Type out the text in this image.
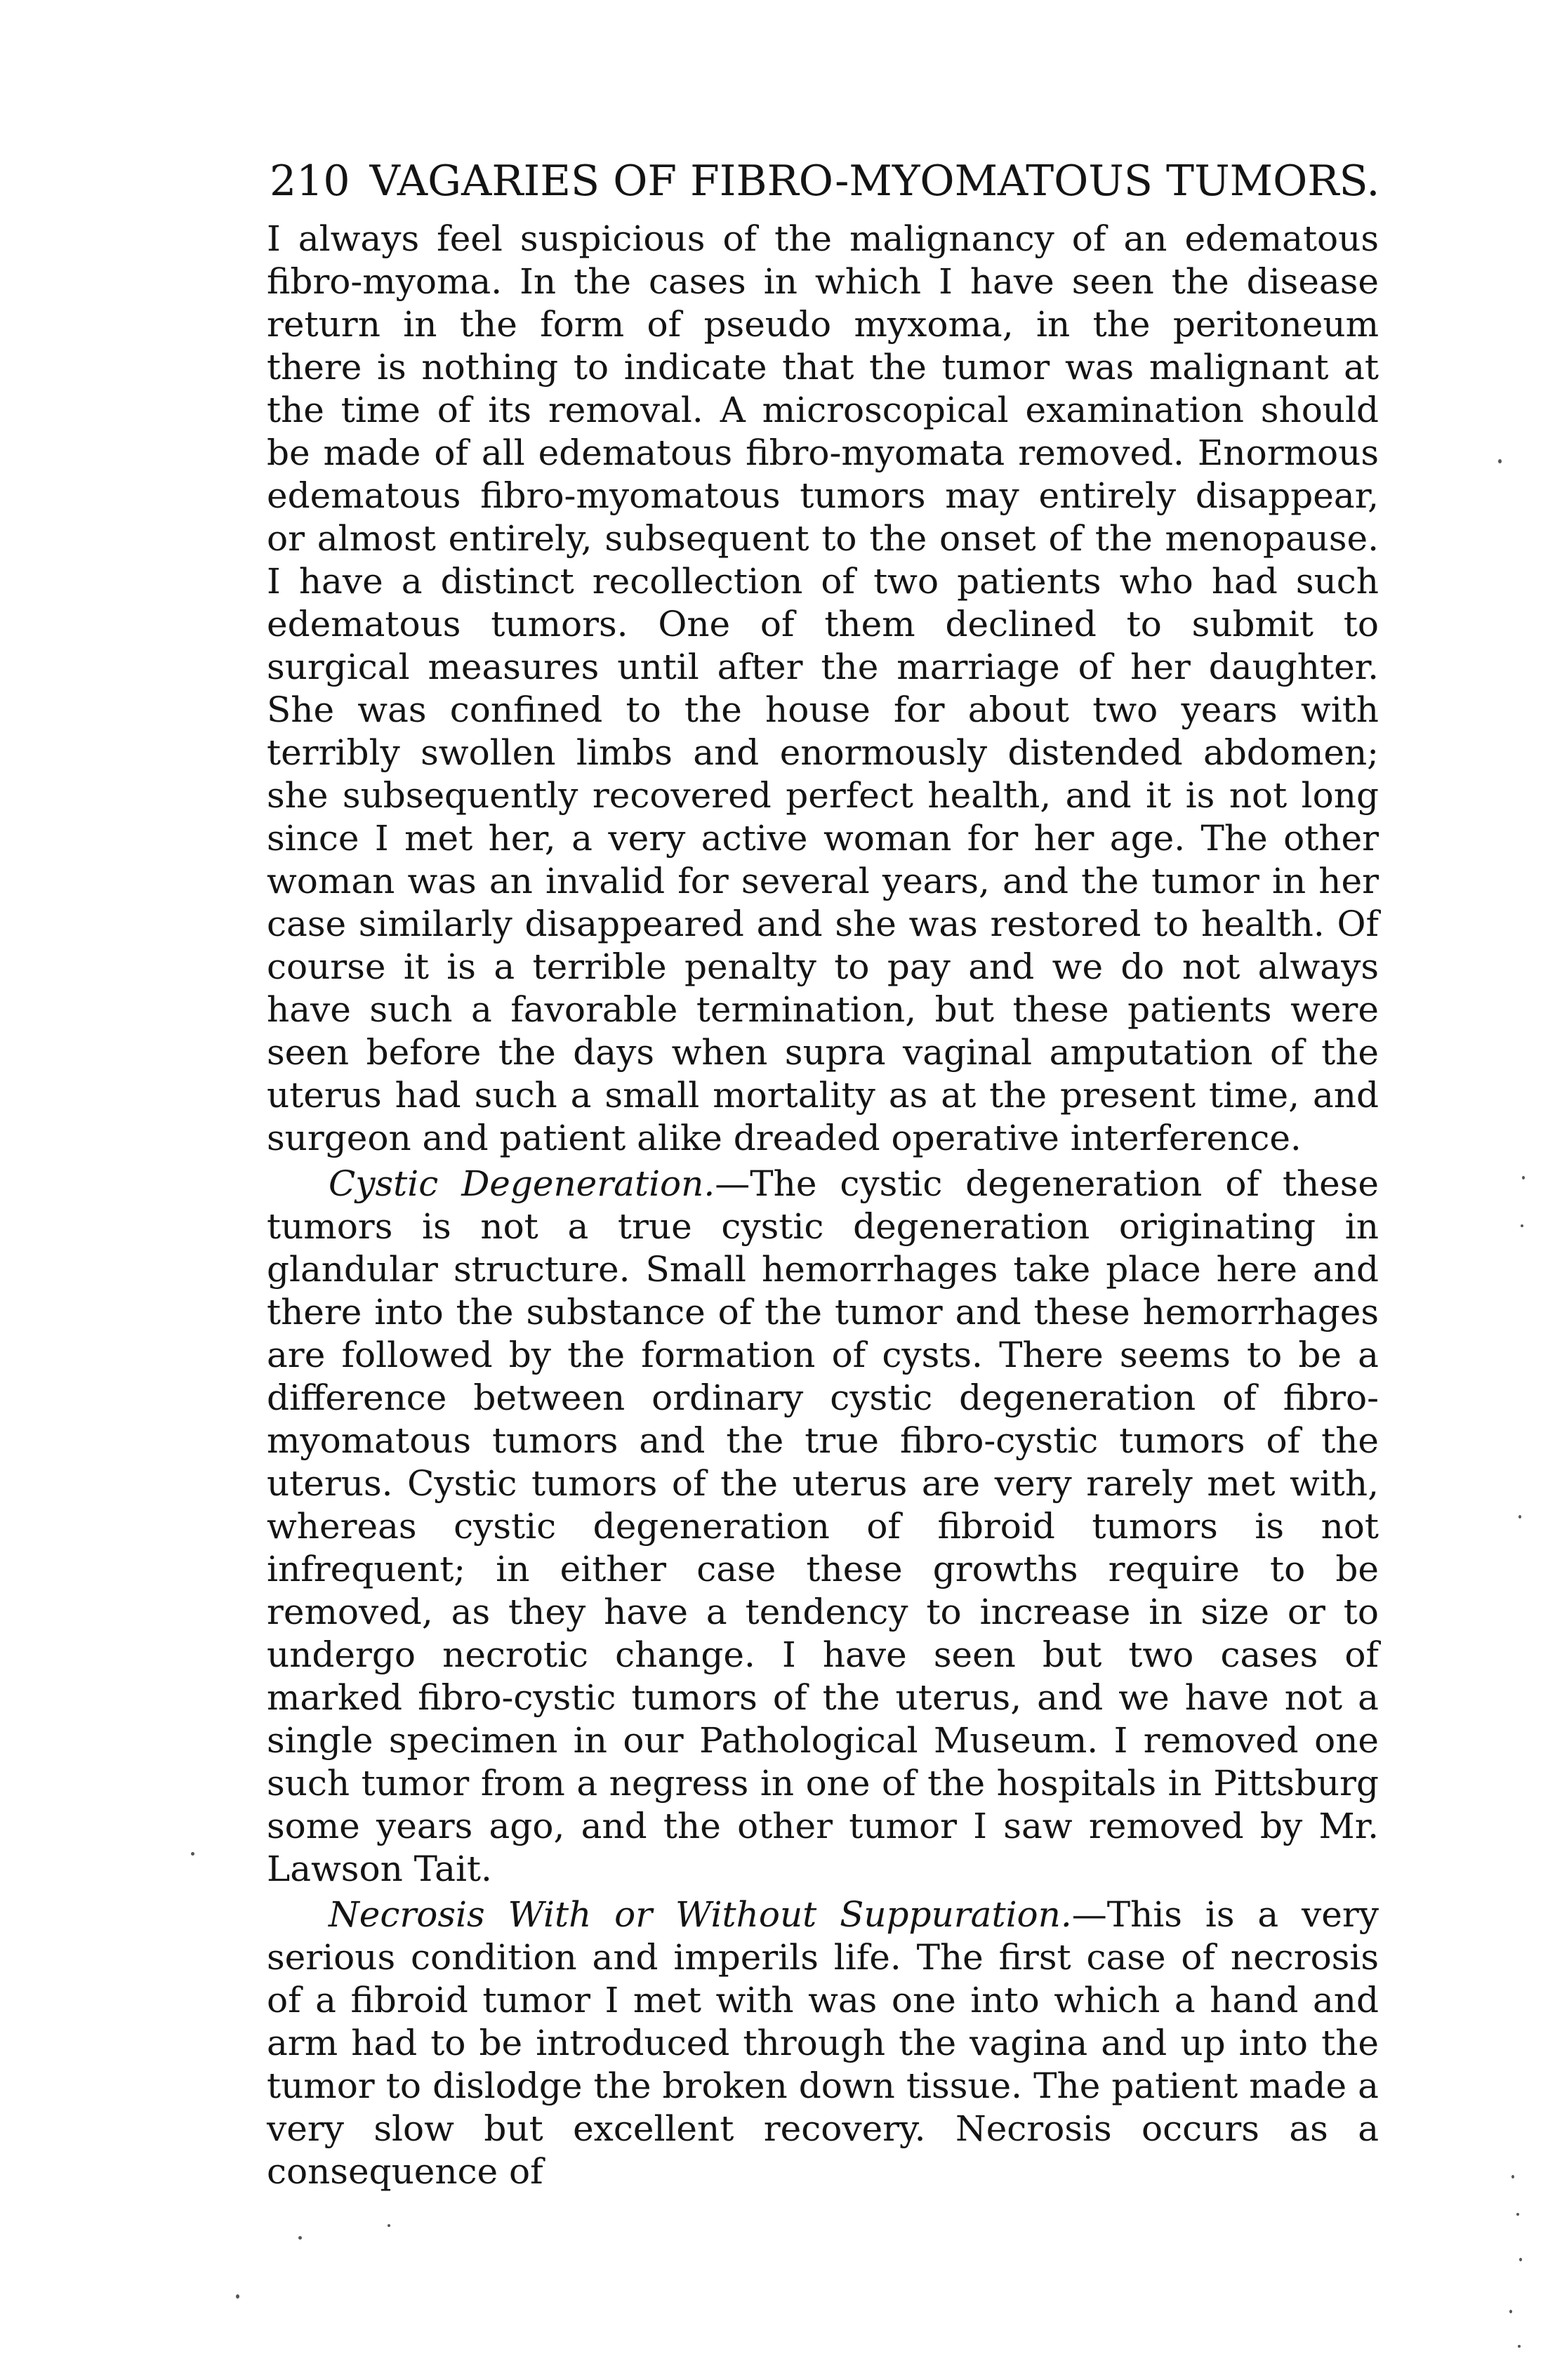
210 VAGARIES OF FIBRO-MYOMATOUS TUMORS.

I always feel suspicious of the malignancy of an edematous fibro-myoma. In the cases in which I have seen the disease return in the form of pseudo myxoma, in the peritoneum there is nothing to indicate that the tumor was malignant at the time of its removal. A microscopical examination should be made of all edematous fibro-myomata removed. Enormous edematous fibro-myomatous tumors may entirely disappear, or almost entirely, subsequent to the onset of the menopause. I have a distinct recollection of two patients who had such edematous tumors. One of them declined to submit to surgical measures until after the marriage of her daughter. She was confined to the house for about two years with terribly swollen limbs and enormously distended abdomen; she subsequently recovered perfect health, and it is not long since I met her, a very active woman for her age. The other woman was an invalid for several years, and the tumor in her case similarly disappeared and she was restored to health. Of course it is a terrible penalty to pay and we do not always have such a favorable termination, but these patients were seen before the days when supra vaginal amputation of the uterus had such a small mortality as at the present time, and surgeon and patient alike dreaded operative interference.

Cystic Degeneration.—The cystic degeneration of these tumors is not a true cystic degeneration originating in glandular structure. Small hemorrhages take place here and there into the substance of the tumor and these hemorrhages are followed by the formation of cysts. There seems to be a difference between ordinary cystic degeneration of fibro-myomatous tumors and the true fibro-cystic tumors of the uterus. Cystic tumors of the uterus are very rarely met with, whereas cystic degeneration of fibroid tumors is not infrequent; in either case these growths require to be removed, as they have a tendency to increase in size or to undergo necrotic change. I have seen but two cases of marked fibro-cystic tumors of the uterus, and we have not a single specimen in our Pathological Museum. I removed one such tumor from a negress in one of the hospitals in Pittsburg some years ago, and the other tumor I saw removed by Mr. Lawson Tait.

Necrosis With or Without Suppuration.—This is a very serious condition and imperils life. The first case of necrosis of a fibroid tumor I met with was one into which a hand and arm had to be introduced through the vagina and up into the tumor to dislodge the broken down tissue. The patient made a very slow but excellent recovery. Necrosis occurs as a consequence of
